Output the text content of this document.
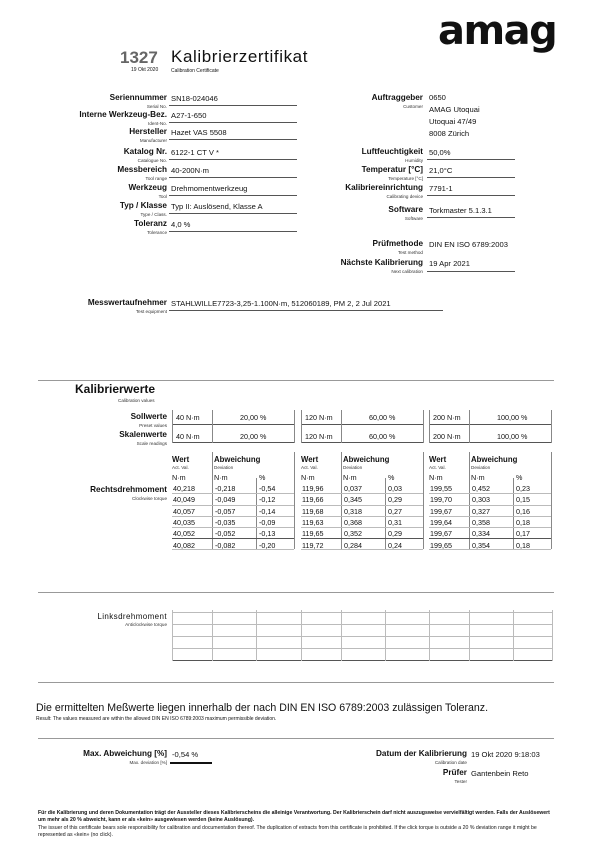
amag
1327
19 Okt 2020
Kalibrierzertifikat
Calibration Certificate
Seriennummer
Serial No.
SN18-024046
Interne Werkzeug-Bez.
Ident-No.
A27-1-650
Hersteller
Manufacturer
Hazet VAS 5508
Katalog Nr.
Catalogue No.
6122-1 CT V *
Messbereich
Tool range
40-200N·m
Werkzeug
Tool
Drehmomentwerkzeug
Typ / Klasse
Type / Class.
Typ II: Auslösend, Klasse A
Toleranz
Tolerance
4,0 %
Luftfeuchtigkeit
Humidity
50,0%
Temperatur [°C]
Temperature [°C]
21,0°C
Kalibriereinrichtung
Calibrating device
7791-1
Software
Software
Torkmaster 5.1.3.1
Auftraggeber
Customer
0650
AMAG Utoquai
Utoquai 47/49
8008 Zürich
Prüfmethode
Test method
DIN EN ISO 6789:2003
Nächste Kalibrierung
Next calibration
19 Apr 2021
Messwertaufnehmer
Test equipment
STAHLWILLE7723-3,25-1.100N·m, 512060189, PM 2, 2 Jul 2021
Kalibrierwerte
Calibration values
Sollwerte
Preset values
Skalenwerte
Scale readings
40 N·m	20,00 %
40 N·m	20,00 %
Wert
Act. Val.
N·m
Abweichung
Deviation
N·m	%
120 N·m	60,00 %
120 N·m	60,00 %
Wert
Act. Val.
N·m
Abweichung
Deviation
N·m	%
200 N·m	100,00 %
200 N·m	100,00 %
Wert
Act. Val.
N·m
Abweichung
Deviation
N·m	%
40,218	-0,218	-0,54	119,96	0,037	0,03	199,55	0,452	0,23
40,049	-0,049	-0,12	119,66	0,345	0,29	199,70	0,303	0,15
40,057	-0,057	-0,14	119,68	0,318	0,27	199,67	0,327	0,16
40,035	-0,035	-0,09	119,63	0,368	0,31	199,64	0,358	0,18
40,052	-0,052	-0,13	119,65	0,352	0,29	199,67	0,334	0,17
40,082	-0,082	-0,20	119,72	0,284	0,24	199,65	0,354	0,18
Rechtsdrehmoment
Clockwise torque
Linksdrehmoment
Anticlockwise torque
Die ermittelten Meßwerte liegen innerhalb der nach DIN EN ISO 6789:2003 zulässigen Toleranz.
Result: The values measured are within the allowed DIN EN ISO 6789:2003 maximum permissible deviation.
Max. Abweichung [%]
Max. deviation [%]
-0,54 %	Datum der Kalibrierung
Calibration date
19 Okt 2020 9:18:03
Prüfer
Tester
Gantenbein Reto
Für die Kalibrierung und deren Dokumentation trägt der Aussteller dieses Kalibrierscheins die alleinige Verantwortung. Der Kalibrierschein darf nicht auszugsweise vervielfältigt werden. Falls der Auslösewert um mehr als 20 % abweicht, kann er als «kein» ausgewiesen werden (keine Auslösung).
The issuer of this certificate bears sole responsibility for calibration and documentation thereof. The duplication of extracts from this certificate is prohibited. If the click torque is outside a 20 % deviation range it might be represented as «kein» (no click).
